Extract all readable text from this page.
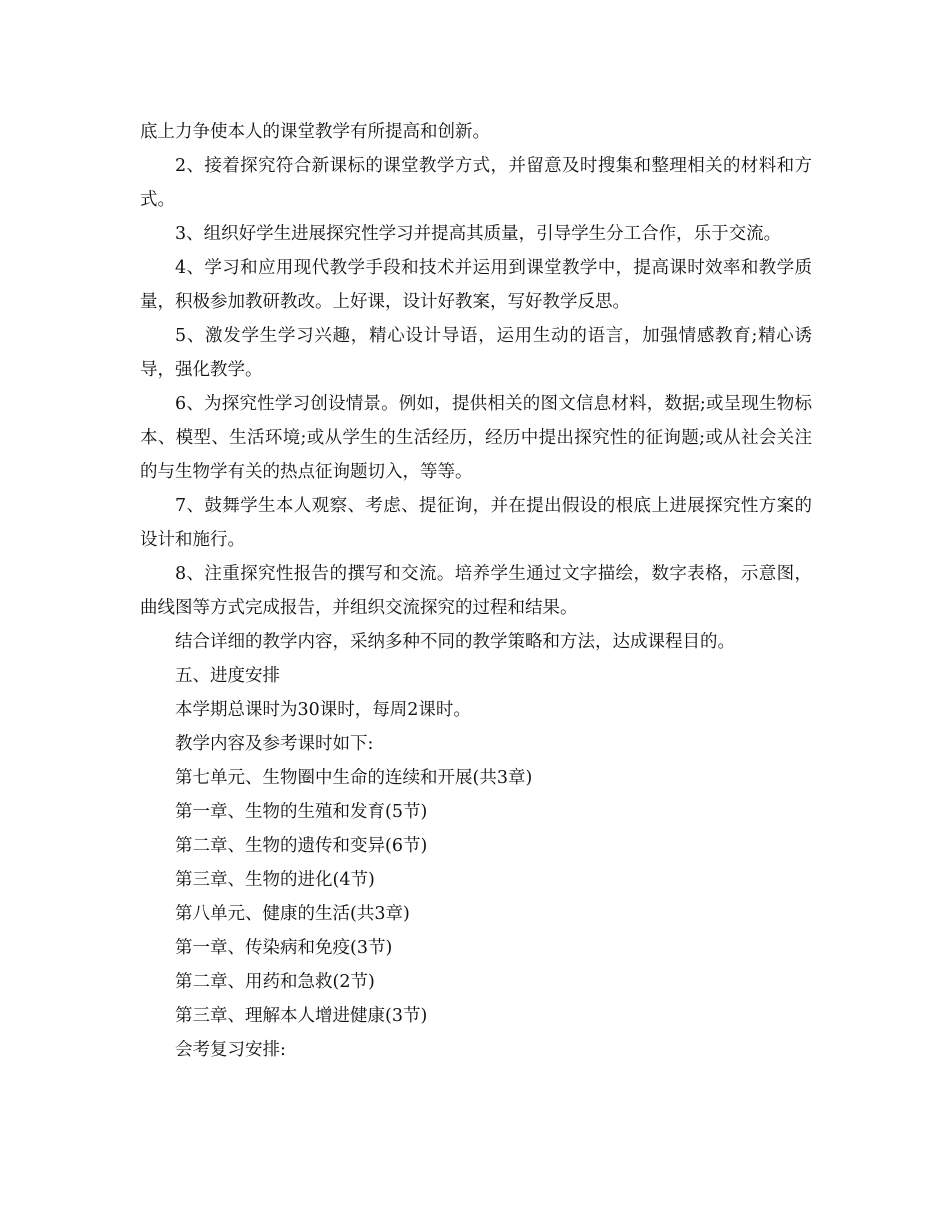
底上力争使本人的课堂教学有所提高和创新。

2、接着探究符合新课标的课堂教学方式，并留意及时搜集和整理相关的材料和方式。

3、组织好学生进展探究性学习并提高其质量，引导学生分工合作，乐于交流。

4、学习和应用现代教学手段和技术并运用到课堂教学中，提高课时效率和教学质量，积极参加教研教改。上好课，设计好教案，写好教学反思。

5、激发学生学习兴趣，精心设计导语，运用生动的语言，加强情感教育;精心诱导，强化教学。

6、为探究性学习创设情景。例如，提供相关的图文信息材料，数据;或呈现生物标本、模型、生活环境;或从学生的生活经历，经历中提出探究性的征询题;或从社会关注的与生物学有关的热点征询题切入，等等。

7、鼓舞学生本人观察、考虑、提征询，并在提出假设的根底上进展探究性方案的设计和施行。

8、注重探究性报告的撰写和交流。培养学生通过文字描绘，数字表格，示意图，曲线图等方式完成报告，并组织交流探究的过程和结果。

结合详细的教学内容，采纳多种不同的教学策略和方法，达成课程目的。

五、进度安排

本学期总课时为30课时，每周2课时。

教学内容及参考课时如下:

第七单元、生物圈中生命的连续和开展(共3章)

第一章、生物的生殖和发育(5节)

第二章、生物的遗传和变异(6节)

第三章、生物的进化(4节)

第八单元、健康的生活(共3章)

第一章、传染病和免疫(3节)

第二章、用药和急救(2节)

第三章、理解本人增进健康(3节)

会考复习安排:
